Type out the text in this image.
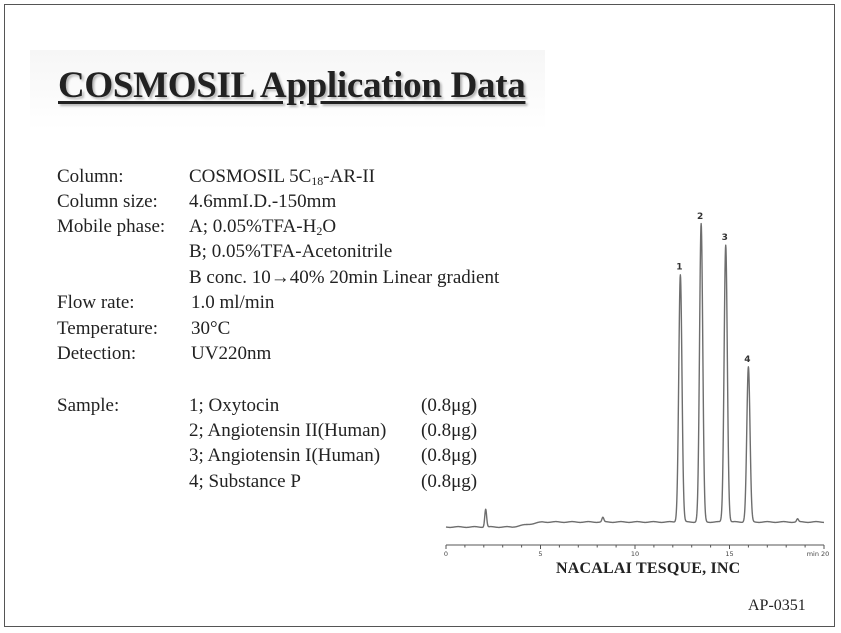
COSMOSIL Application Data
Column:	COSMOSIL $5C_{18}-AR-II$
Column size: 4.6mmI.D.-150mm
Mobile phase: A; $0.05\%TFA-H_2O$
B; 0.05%TFA-Acetonitrile
B conc. 10→40% 20min Linear gradient
Flow rate:	1.0 ml/min
Temperature: 30°C
Detection:	UV220nm
Sample:	1; Oxytocin	(0.8μg)
2; Angiotensin II(Human) (0.8μg)
3; Angiotensin I(Human) (0.8μg)
4; Substance P	(0.8μg)
0	5	10	15	min 20
1
2
3
4
NACALAI TESQUE, INC
AP-0351
